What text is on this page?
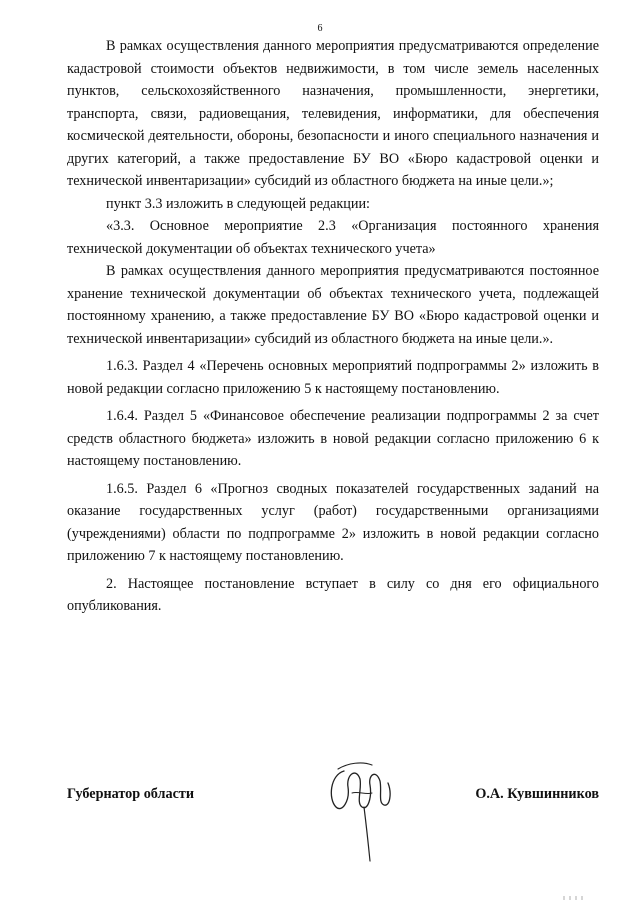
6

В рамках осуществления данного мероприятия предусматриваются определение кадастровой стоимости объектов недвижимости, в том числе земель населенных пунктов, сельскохозяйственного назначения, промышленности, энергетики, транспорта, связи, радиовещания, телевидения, информатики, для обеспечения космической деятельности, обороны, безопасности и иного специального назначения и других категорий, а также предоставление БУ ВО «Бюро кадастровой оценки и технической инвентаризации» субсидий из областного бюджета на иные цели.»;

пункт 3.3 изложить в следующей редакции:

«3.3. Основное мероприятие 2.3 «Организация постоянного хранения технической документации об объектах технического учета»

В рамках осуществления данного мероприятия предусматриваются постоянное хранение технической документации об объектах технического учета, подлежащей постоянному хранению, а также предоставление БУ ВО «Бюро кадастровой оценки и технической инвентаризации» субсидий из областного бюджета на иные цели.».

1.6.3. Раздел 4 «Перечень основных мероприятий подпрограммы 2» изложить в новой редакции согласно приложению 5 к настоящему постановлению.

1.6.4. Раздел 5 «Финансовое обеспечение реализации подпрограммы 2 за счет средств областного бюджета» изложить в новой редакции согласно приложению 6 к настоящему постановлению.

1.6.5. Раздел 6 «Прогноз сводных показателей государственных заданий на оказание государственных услуг (работ) государственными организациями (учреждениями) области по подпрограмме 2» изложить в новой редакции согласно приложению 7 к настоящему постановлению.

2. Настоящее постановление вступает в силу со дня его официального опубликования.

Губернатор области	О.А. Кувшинников
